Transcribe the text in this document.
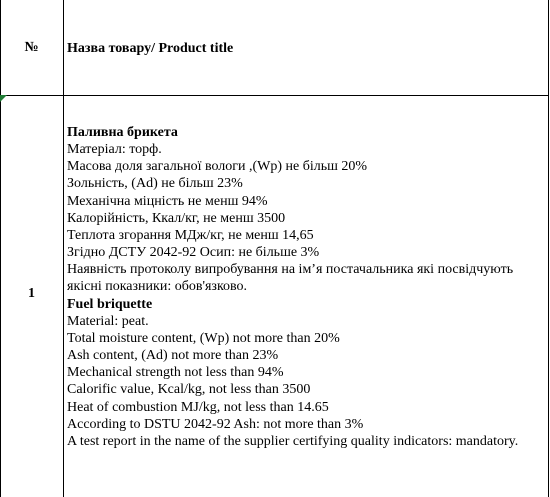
№	Назва товару/ Product title
1
Паливна брикета
Матеріал: торф.
Масова доля загальної вологи ,(Wp) не більш 20%
Зольність, (Ad) не більш 23%
Механічна міцність не менш 94%
Калорійність, Ккал/кг, не менш 3500
Теплота згорання МДж/кг, не менш 14,65
Згідно ДСТУ 2042-92 Осип: не більше 3%
Наявність протоколу випробування на ім’я постачальника які посвідчують якісні показники: обов'язково.
Fuel briquette
Material: peat.
Total moisture content, (Wp) not more than 20%
Ash content, (Ad) not more than 23%
Mechanical strength not less than 94%
Calorific value, Kcal/kg, not less than 3500
Heat of combustion MJ/kg, not less than 14.65
According to DSTU 2042-92 Ash: not more than 3%
A test report in the name of the supplier certifying quality indicators: mandatory.
